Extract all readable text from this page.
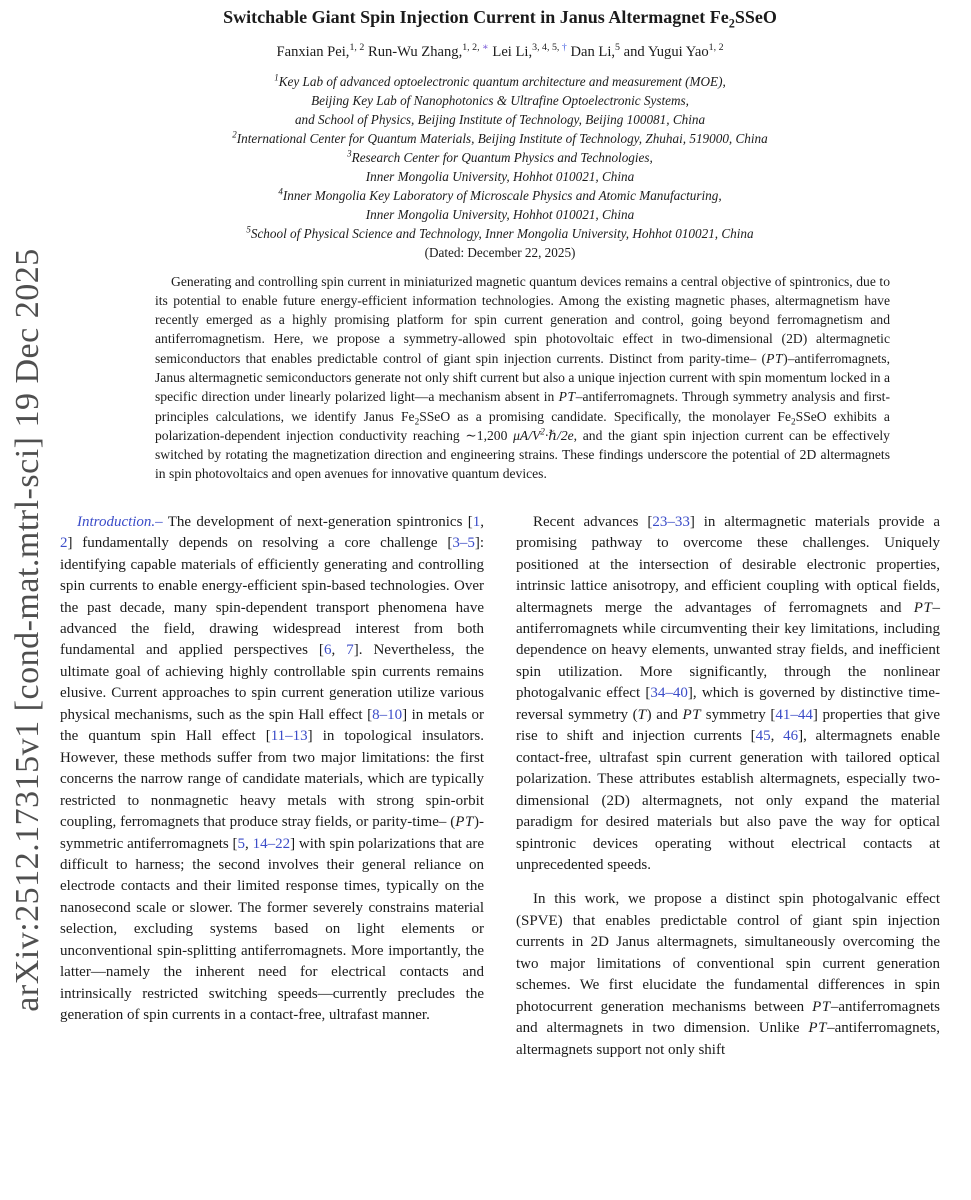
arXiv:2512.17315v1 [cond-mat.mtrl-sci] 19 Dec 2025
Switchable Giant Spin Injection Current in Janus Altermagnet $Fe_2SSeO$
Fanxian Pei,$^{1, 2}$ Run-Wu Zhang,$^{1, 2,}$ ∗ Lei Li,$^{3, 4, 5,}$ † Dan Li,$^5$ and Yugui Yao$^{1, 2}$
$^1$Key Lab of advanced optoelectronic quantum architecture and measurement (MOE),
Beijing Key Lab of Nanophotonics & Ultrafine Optoelectronic Systems,
and School of Physics, Beijing Institute of Technology, Beijing 100081, China
$^2$International Center for Quantum Materials, Beijing Institute of Technology, Zhuhai, 519000, China
$^3$Research Center for Quantum Physics and Technologies,
Inner Mongolia University, Hohhot 010021, China
$^4$Inner Mongolia Key Laboratory of Microscale Physics and Atomic Manufacturing,
Inner Mongolia University, Hohhot 010021, China
$^5$School of Physical Science and Technology, Inner Mongolia University, Hohhot 010021, China
(Dated: December 22, 2025)
Generating and controlling spin current in miniaturized magnetic quantum devices remains a central objective of spintronics, due to its potential to enable future energy-efficient information technologies. Among the existing magnetic phases, altermagnetism have recently emerged as a highly promising platform for spin current generation and control, going beyond ferromagnetism and antiferromagnetism. Here, we propose a symmetry-allowed spin photovoltaic effect in two-dimensional (2D) altermagnetic semiconductors that enables predictable control of giant spin injection currents. Distinct from parity-time– (PT)–antiferromagnets, Janus altermagnetic semiconductors generate not only shift current but also a unique injection current with spin momentum locked in a specific direction under linearly polarized light—a mechanism absent in PT–antiferromagnets. Through symmetry analysis and first-principles calculations, we identify Janus $Fe_2SSeO$ as a promising candidate. Specifically, the monolayer $Fe_2SSeO$ exhibits a polarization-dependent injection conductivity reaching ∼1,200 $\mu A/V^2\cdot\hbar/2e$, and the giant spin injection current can be effectively switched by rotating the magnetization direction and engineering strains. These findings underscore the potential of 2D altermagnets in spin photovoltaics and open avenues for innovative quantum devices.

Introduction.– The development of next-generation spintronics [1, 2] fundamentally depends on resolving a core challenge [3–5]: identifying capable materials of efficiently generating and controlling spin currents to enable energy-efficient spin-based technologies. Over the past decade, many spin-dependent transport phenomena have advanced the field, drawing widespread interest from both fundamental and applied perspectives [6, 7]. Nevertheless, the ultimate goal of achieving highly controllable spin currents remains elusive. Current approaches to spin current generation utilize various physical mechanisms, such as the spin Hall effect [8–10] in metals or the quantum spin Hall effect [11–13] in topological insulators. However, these methods suffer from two major limitations: the first concerns the narrow range of candidate materials, which are typically restricted to nonmagnetic heavy metals with strong spin-orbit coupling, ferromagnets that produce stray fields, or parity-time– (PT)-symmetric antiferromagnets [5, 14–22] with spin polarizations that are difficult to harness; the second involves their general reliance on electrode contacts and their limited response times, typically on the nanosecond scale or slower. The former severely constrains material selection, excluding systems based on light elements or unconventional spin-splitting antiferromagnets. More importantly, the latter—namely the inherent need for electrical contacts and intrinsically restricted switching speeds—currently precludes the generation of spin currents in a contact-free, ultrafast manner.

Recent advances [23–33] in altermagnetic materials provide a promising pathway to overcome these challenges. Uniquely positioned at the intersection of desirable electronic properties, intrinsic lattice anisotropy, and efficient coupling with optical fields, altermagnets merge the advantages of ferromagnets and PT–antiferromagnets while circumventing their key limitations, including dependence on heavy elements, unwanted stray fields, and inefficient spin utilization. More significantly, through the nonlinear photogalvanic effect [34–40], which is governed by distinctive time-reversal symmetry (T) and PT symmetry [41–44] properties that give rise to shift and injection currents [45, 46], altermagnets enable contact-free, ultrafast spin current generation with tailored optical polarization. These attributes establish altermagnets, especially two-dimensional (2D) altermagnets, not only expand the material paradigm for desired materials but also pave the way for optical spintronic devices operating without electrical contacts at unprecedented speeds.

In this work, we propose a distinct spin photogalvanic effect (SPVE) that enables predictable control of giant spin injection currents in 2D Janus altermagnets, simultaneously overcoming the two major limitations of conventional spin current generation schemes. We first elucidate the fundamental differences in spin photocurrent generation mechanisms between PT–antiferromagnets and altermagnets in two dimension. Unlike PT–antiferromagnets, altermagnets support not only shift
